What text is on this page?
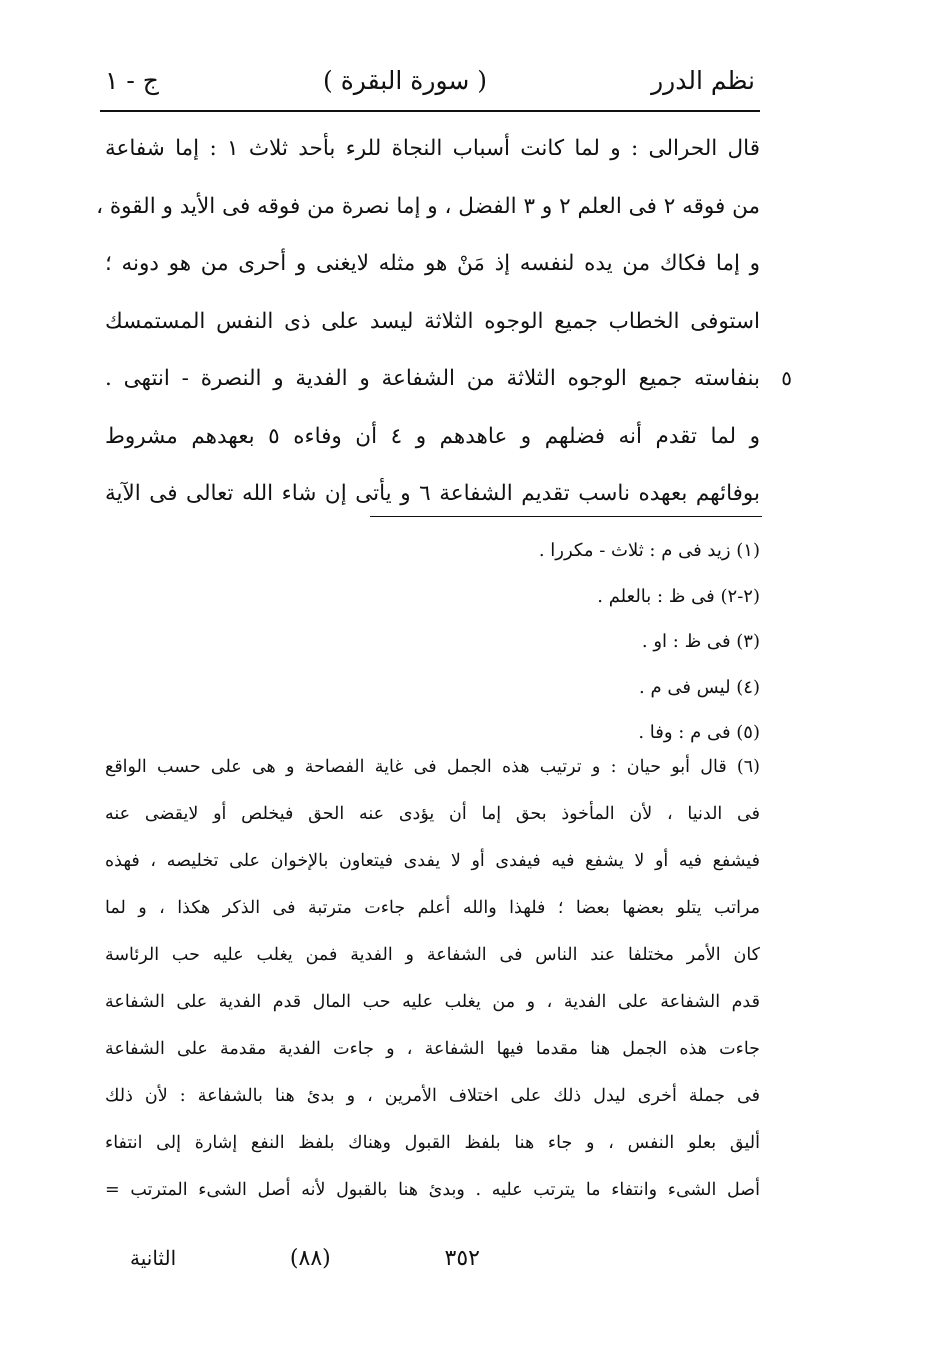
نظم الدرر
( سورة البقرة )
ج - ١
قال الحرالى : و لما كانت أسباب النجاة للرء بأحد ثلاث ١ : إما شفاعة
من فوقه ٢ فى العلم ٢ و ٣ الفضل ، و إما نصرة من فوقه فى الأيد و القوة ،
و إما فكاك من يده لنفسه إذ مَنْ هو مثله لايغنى و أحرى من هو دونه ؛
استوفى الخطاب جميع الوجوه الثلاثة ليسد على ذى النفس المستمسك
٥
بنفاسته جميع الوجوه الثلاثة من الشفاعة و الفدية و النصرة - انتهى .
و لما تقدم أنه فضلهم و عاهدهم و ٤ أن وفاءه ٥ بعهدهم مشروط
بوفائهم بعهده ناسب تقديم الشفاعة ٦ و يأتى إن شاء الله تعالى فى الآية
(١) زيد فى م : ثلاث - مكررا .
(٢-٢) فى ظ : بالعلم .
(٣) فى ظ : او .
(٤) ليس فى م .
(٥) فى م : وفا .
(٦) قال أبو حيان : و ترتيب هذه الجمل فى غاية الفصاحة و هى على حسب الواقع
فى الدنيا ، لأن المأخوذ بحق إما أن يؤدى عنه الحق فيخلص أو لايقضى عنه
فيشفع فيه أو لا يشفع فيه فيفدى أو لا يفدى فيتعاون بالإخوان على تخليصه ، فهذه
مراتب يتلو بعضها بعضا ؛ فلهذا والله أعلم جاءت مترتبة فى الذكر هكذا ، و لما
كان الأمر مختلفا عند الناس فى الشفاعة و الفدية فمن يغلب عليه حب الرئاسة
قدم الشفاعة على الفدية ، و من يغلب عليه حب المال قدم الفدية على الشفاعة
جاءت هذه الجمل هنا مقدما فيها الشفاعة ، و جاءت الفدية مقدمة على الشفاعة
فى جملة أخرى ليدل ذلك على اختلاف الأمرين ، و بدئ هنا بالشفاعة : لأن ذلك
أليق بعلو النفس ، و جاء هنا بلفظ القبول وهناك بلفظ النفع إشارة إلى انتفاء
أصل الشىء وانتفاء ما يترتب عليه . وبدئ هنا بالقبول لأنه أصل الشىء المترتب =
٣٥٢
(٨٨)
الثانية
